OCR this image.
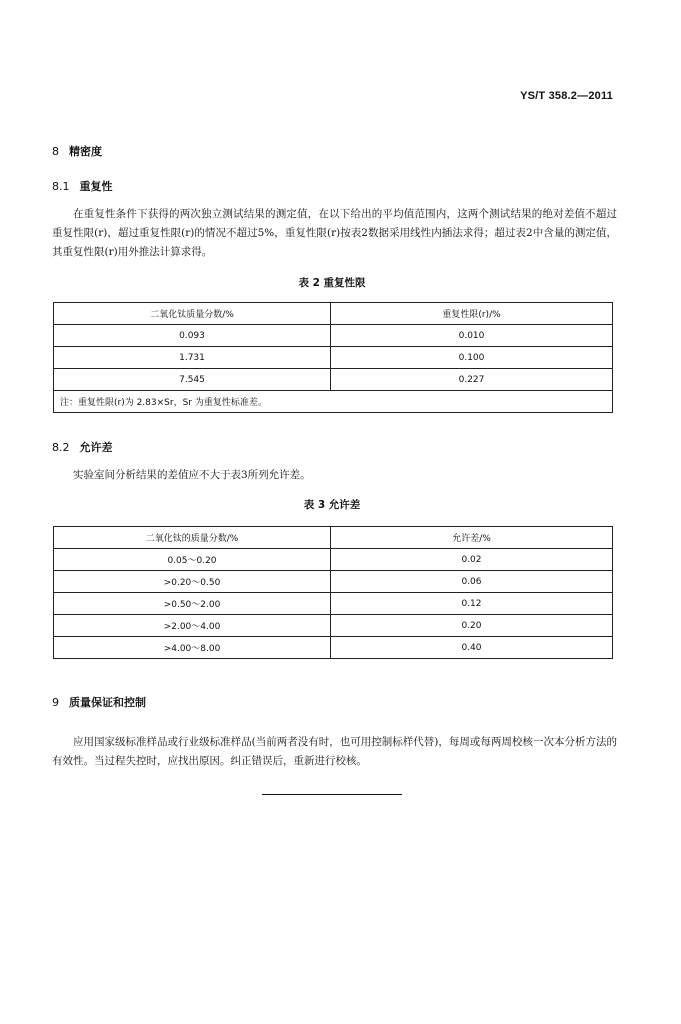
YS/T 358.2—2011
8 精密度
8.1 重复性
在重复性条件下获得的两次独立测试结果的测定值，在以下给出的平均值范围内，这两个测试结果的绝对差值不超过重复性限(r)，超过重复性限(r)的情况不超过5%，重复性限(r)按表2数据采用线性内插法求得；超过表2中含量的测定值，其重复性限(r)用外推法计算求得。
表 2 重复性限
二氧化钛质量分数/%	重复性限(r)/%
0.093	0.010
1.731	0.100
7.545	0.227
注：重复性限(r)为 2.83×Sr，Sr 为重复性标准差。	
8.2 允许差
实验室间分析结果的差值应不大于表3所列允许差。
表 3 允许差
二氧化钛的质量分数/%	允许差/%
0.05～0.20	0.02
>0.20～0.50	0.06
>0.50～2.00	0.12
>2.00～4.00	0.20
>4.00～8.00	0.40
9 质量保证和控制
应用国家级标准样品或行业级标准样品(当前两者没有时，也可用控制标样代替)，每周或每两周校核一次本分析方法的有效性。当过程失控时，应找出原因。纠正错误后，重新进行校核。
